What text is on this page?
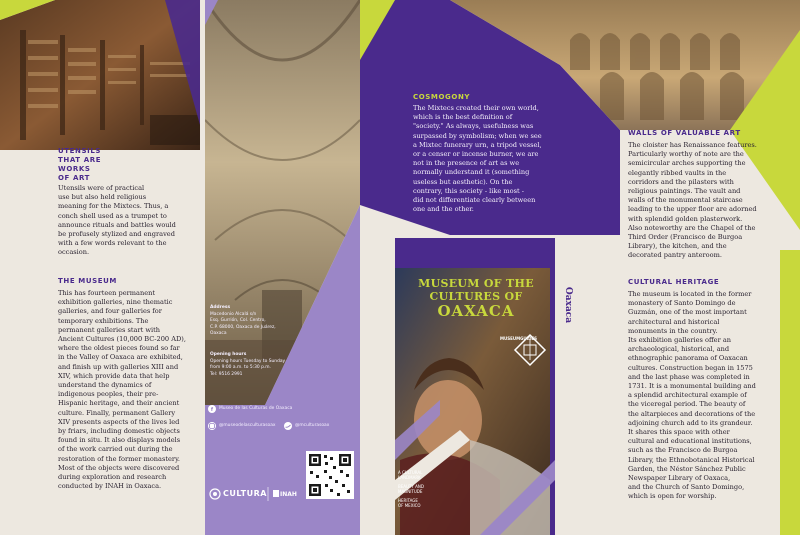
f
UTENSILS
THAT ARE
WORKS
OF ART
Utensils were of practical
use but also held religious
meaning for the Mixtecs. Thus, a
conch shell used as a trumpet to
announce rituals and battles would
be profusely stylized and engraved
with a few words relevant to the
occasion.
THE MUSEUM
This has fourteen permanent
exhibition galleries, nine thematic
galleries, and four galleries for
temporary exhibitions. The
permanent galleries start with
Ancient Cultures (10,000 BC-200 AD),
where the oldest pieces found so far
in the Valley of Oaxaca are exhibited,
and finish up with galleries XIII and
XIV, which provide data that help
understand the dynamics of
indigenous peoples, their pre-
Hispanic heritage, and their ancient
culture. Finally, permanent Gallery
XIV presents aspects of the lives led
by friars, including domestic objects
found in situ. It also displays models
of the work carried out during the
restoration of the former monastery.
Most of the objects were discovered
during exploration and research
conducted by INAH in Oaxaca.
Address
Macedonio Alcalá s/n
Esq. Gurrión, Col. Centro,
C.P. 68000, Oaxaca de Juárez,
Oaxaca
Opening hours
Opening hours Tuesday to Sunday
from 9:00 a.m. to 5:30 p.m.
Tel: 9516 2991
Museo de las Culturas de Oaxaca
@museodelasculturasoax	@mculturasoax
CULTURA INAH
COSMOGONY
The Mixtecs created their own world,
which is the best definition of
"society." As always, usefulness was
surpassed by symbolism; when we see
a Mixtec funerary urn, a tripod vessel,
or a censer or incense burner, we are
not in the presence of art as we
normally understand it (something
useless but aesthetic). On the
contrary, this society - like most -
did not differentiate clearly between
one and the other.
MUSEUM OF THE
CULTURES OF
OAXACA
MUSEUMGUIDES
A CULTURAL
LANDMARK
BEAUTY AND
MAGNITUDE
HERITAGE
OF MEXICO
Oaxaca
WALLS OF VALUABLE ART
The cloister has Renaissance features.
Particularly worthy of note are the
semicircular arches supporting the
elegantly ribbed vaults in the
corridors and the pilasters with
religious paintings. The vault and
walls of the monumental staircase
leading to the upper floor are adorned
with splendid golden plasterwork.
Also noteworthy are the Chapel of the
Third Order (Francisco de Burgoa
Library), the kitchen, and the
decorated pantry anteroom.
CULTURAL HERITAGE
The museum is located in the former
monastery of Santo Domingo de
Guzmán, one of the most important
architectural and historical
monuments in the country.
Its exhibition galleries offer an
archaeological, historical, and
ethnographic panorama of Oaxacan
cultures. Construction began in 1575
and the last phase was completed in
1731. It is a monumental building and
a splendid architectural example of
the viceregal period. The beauty of
the altarpieces and decorations of the
adjoining church add to its grandeur.
It shares this space with other
cultural and educational institutions,
such as the Francisco de Burgoa
Library, the Ethnobotanical Historical
Garden, the Néstor Sánchez Public
Newspaper Library of Oaxaca,
and the Church of Santo Domingo,
which is open for worship.
